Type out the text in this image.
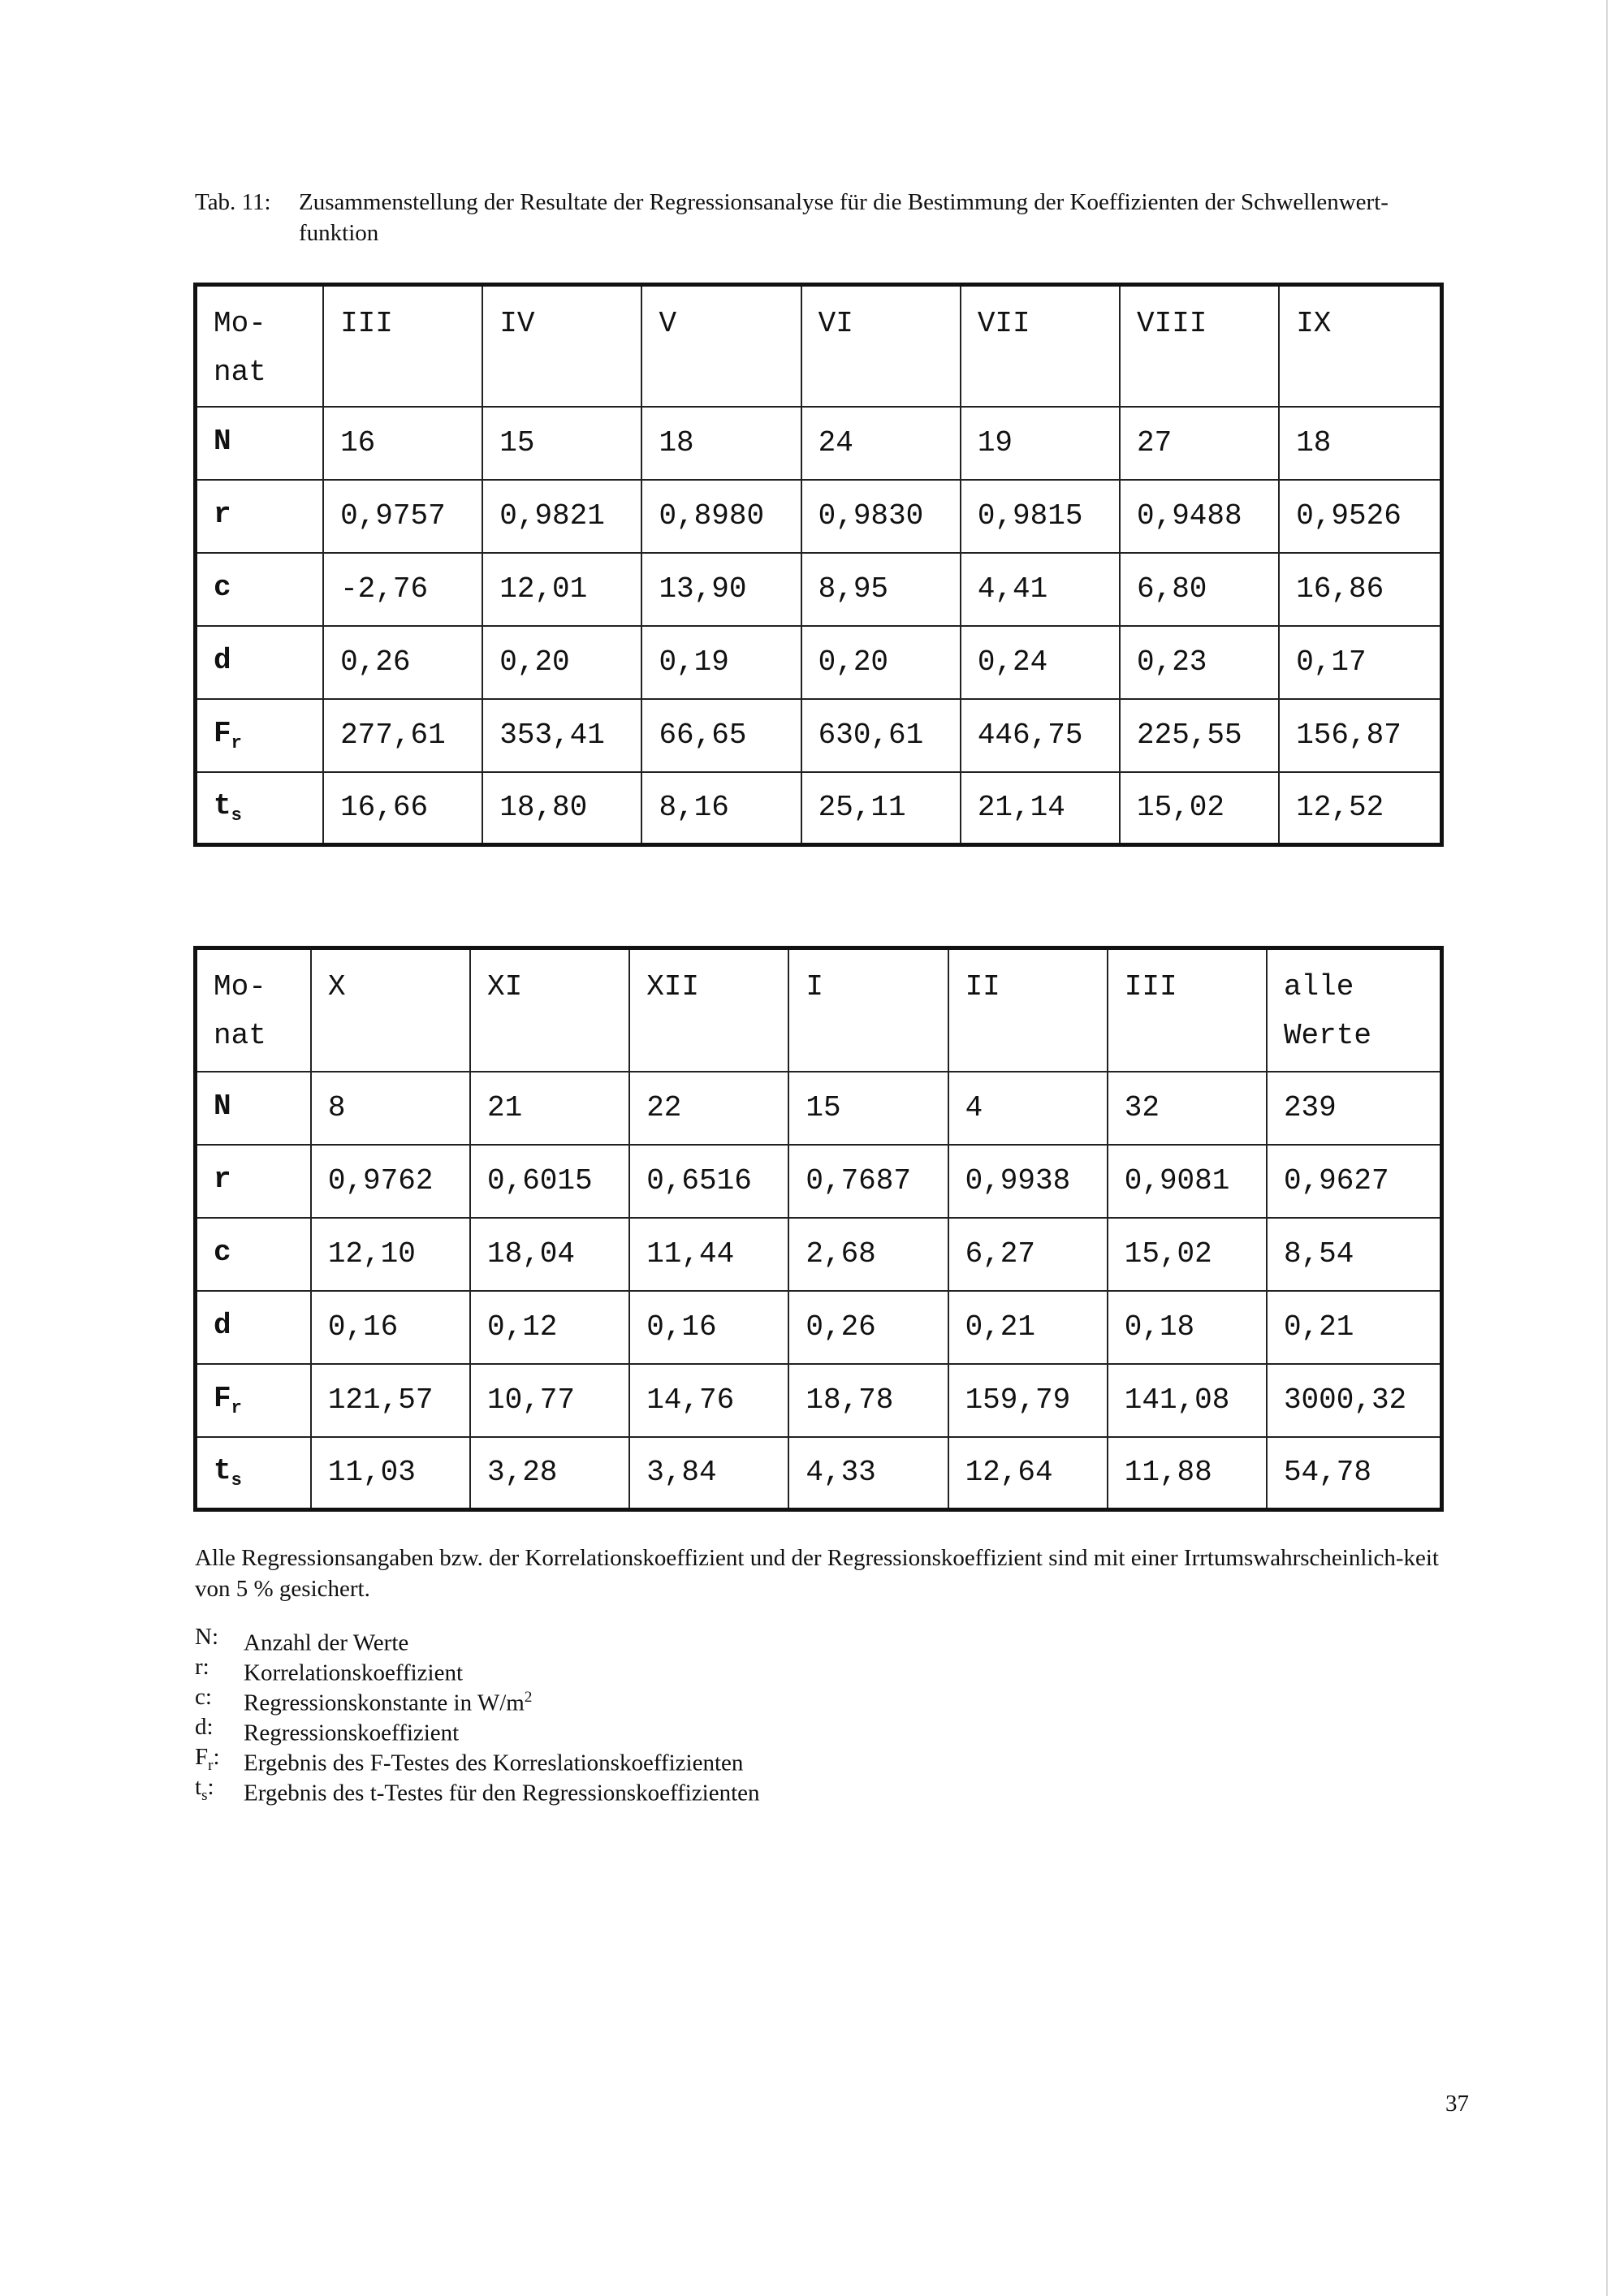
Tab. 11: Zusammenstellung der Resultate der Regressionsanalyse für die Bestimmung der Koeffizienten der Schwellenwert-funktion
Mo- nat	III	IV	V	VI	VII	VIII	IX
N	16	15	18	24	19	27	18
r	0,9757	0,9821	0,8980	0,9830	0,9815	0,9488	0,9526
c	-2,76	12,01	13,90	8,95	4,41	6,80	16,86
d	0,26	0,20	0,19	0,20	0,24	0,23	0,17
$F_r$	277,61	353,41	66,65	630,61	446,75	225,55	156,87
$t_s$	16,66	18,80	8,16	25,11	21,14	15,02	12,52
Mo- nat	X	XI	XII	I	II	III	alle Werte
N	8	21	22	15	4	32	239
r	0,9762	0,6015	0,6516	0,7687	0,9938	0,9081	0,9627
c	12,10	18,04	11,44	2,68	6,27	15,02	8,54
d	0,16	0,12	0,16	0,26	0,21	0,18	0,21
$F_r$	121,57	10,77	14,76	18,78	159,79	141,08	3000,32
$t_s$	11,03	3,28	3,84	4,33	12,64	11,88	54,78

Alle Regressionsangaben bzw. der Korrelationskoeffizient und der Regressionskoeffizient sind mit einer Irrtumswahrscheinlich-keit von 5 % gesichert.

N: Anzahl der Werte
r: Korrelationskoeffizient
c: Regressionskonstante in $W/m^2$
d: Regressionskoeffizient
$F_r$: Ergebnis des F-Testes des Korreslationskoeffizienten
$t_s$: Ergebnis des t-Testes für den Regressionskoeffizienten
37
